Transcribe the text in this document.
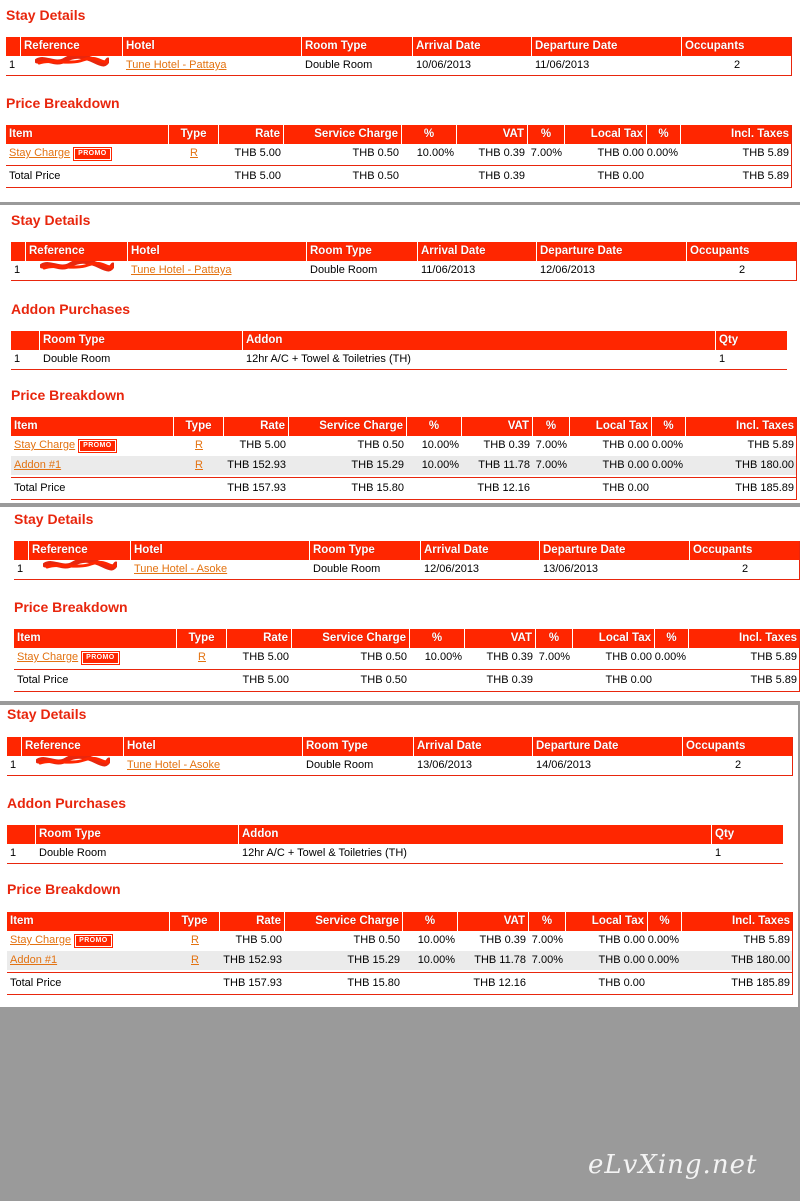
Stay Details
Reference	Hotel	Room Type	Arrival Date	Departure Date	Occupants
1	Tune Hotel - Pattaya	Double Room	10/06/2013	11/06/2013	2
Price Breakdown
Item	Type	Rate	Service Charge	%	VAT	%	Local Tax	%	Incl. Taxes
Stay Charge	PROMO	R	THB 5.00	THB 0.50	10.00%	THB 0.39 7.00%	THB 0.00 0.00%	THB 5.89
Total Price	THB 5.00	THB 0.50	THB 0.39	THB 0.00	THB 5.89
Stay Details
Reference	Hotel	Room Type	Arrival Date	Departure Date	Occupants
1	Tune Hotel - Pattaya	Double Room	11/06/2013	12/06/2013	2
Addon Purchases
Room Type	Addon	Qty
1	Double Room	12hr A/C + Towel & Toiletries (TH)	1
Price Breakdown
Item	Type	Rate	Service Charge	%	VAT	%	Local Tax	%	Incl. Taxes
Stay Charge	PROMO	R	THB 5.00	THB 0.50	10.00%	THB 0.39 7.00%	THB 0.00 0.00%	THB 5.89
Addon #1	R THB 152.93	THB 15.29	10.00%	THB 11.78 7.00%	THB 0.00 0.00%	THB 180.00
Total Price	THB 157.93	THB 15.80	THB 12.16	THB 0.00	THB 185.89
Stay Details
Reference	Hotel	Room Type	Arrival Date	Departure Date	Occupants
1	Tune Hotel - Asoke	Double Room	12/06/2013	13/06/2013	2
Price Breakdown
Item	Type	Rate	Service Charge	%	VAT	%	Local Tax	%	Incl. Taxes
Stay Charge	PROMO	R	THB 5.00	THB 0.50	10.00%	THB 0.39 7.00%	THB 0.00 0.00%	THB 5.89
Total Price	THB 5.00	THB 0.50	THB 0.39	THB 0.00	THB 5.89
Stay Details
Reference	Hotel	Room Type	Arrival Date	Departure Date	Occupants
1	Tune Hotel - Asoke	Double Room	13/06/2013	14/06/2013	2
Addon Purchases
Room Type	Addon	Qty
1	Double Room	12hr A/C + Towel & Toiletries (TH)	1
Price Breakdown
Item	Type	Rate	Service Charge	%	VAT	%	Local Tax	%	Incl. Taxes
Stay Charge	PROMO	R	THB 5.00	THB 0.50	10.00%	THB 0.39 7.00%	THB 0.00 0.00%	THB 5.89
Addon #1	R THB 152.93	THB 15.29	10.00%	THB 11.78 7.00%	THB 0.00 0.00%	THB 180.00
Total Price	THB 157.93	THB 15.80	THB 12.16	THB 0.00	THB 185.89
eLvXing.net
